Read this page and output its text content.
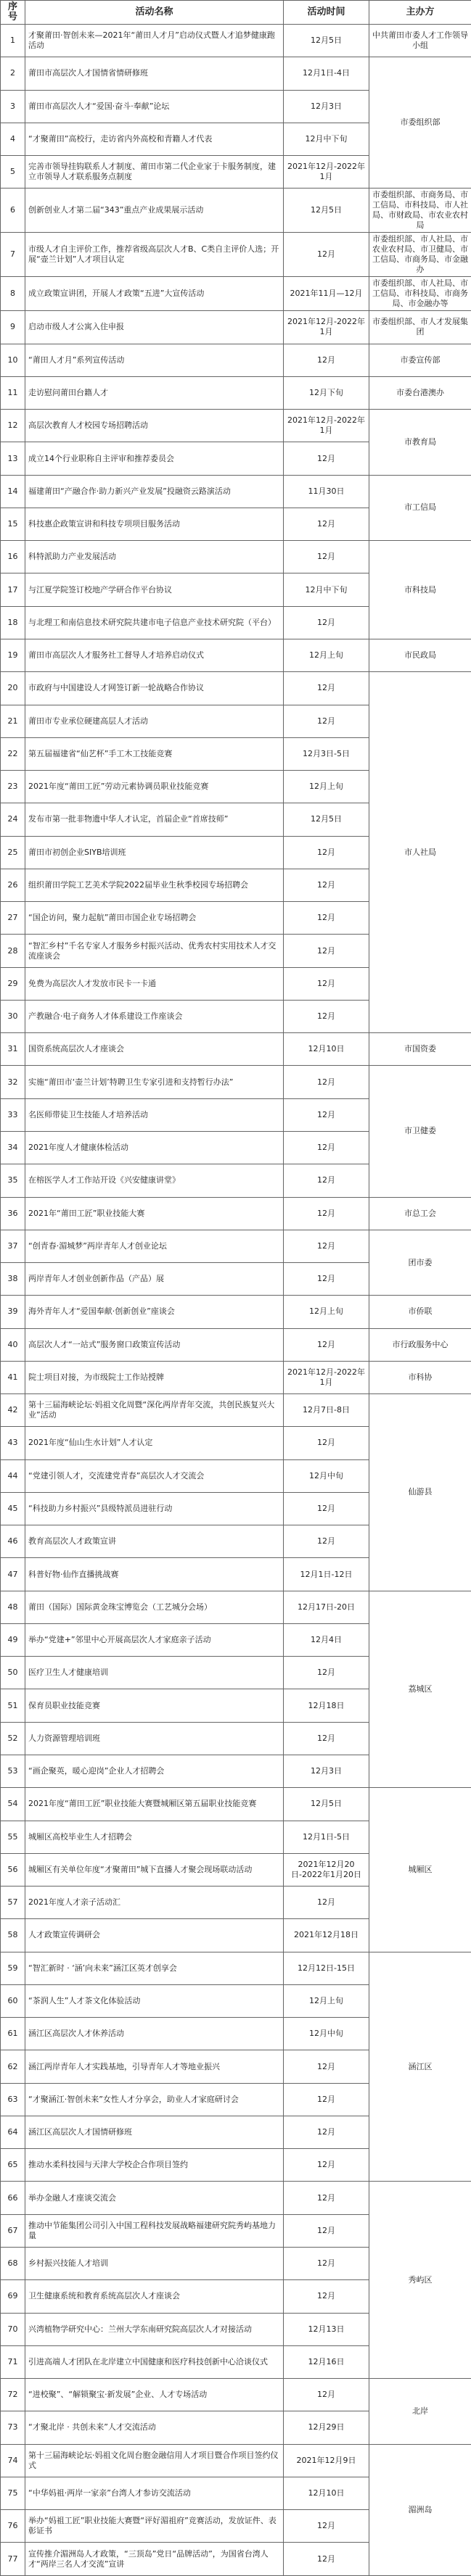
序号	活动名称	活动时间	主办方
1	才聚莆田·智创未来—2021年“莆田人才月”启动仪式暨人才追梦健康跑活动	12月5日	中共莆田市委人才工作领导小组
2	莆田市高层次人才国情省情研修班	12月1日-4日	市委组织部
3	莆田市高层次人才“爱国·奋斗·奉献”论坛	12月3日	
4	“才聚莆田”高校行，走访省内外高校和青籍人才代表	12月中下旬	
5	完善市领导挂钩联系人才制度、莆田市第二代企业家于卡服务制度，建立市领导人才联系服务点制度	2021年12月-2022年1月	
6	创新创业人才第二届“343”重点产业成果展示活动	12月5日	市委组织部、市商务局、市工信局、市科技局、市人社局、市财政局、市农业农村局
7	市级人才自主评价工作，推荐省级高层次人才B、C类自主评价人选；开展“壶兰计划”人才项目认定	12月	市委组织部、市人社局、市农业农村局、市卫健局、市工信局、市商务局、市金融办
8	成立政策宣讲团，开展人才政策“五进”大宣传活动	2021年11月—12月	市委组织部、市人社局、市工信局、市科技局、市商务局、市金融办等
9	启动市级人才公寓入住申报	2021年12月-2022年1月	市委组织部、市人才发展集团
10	“莆田人才月”系列宣传活动	12月	市委宣传部
11	走访慰问莆田台籍人才	12月下旬	市委台港澳办
12	高层次教育人才校园专场招聘活动	2021年12月-2022年1月	市教育局
13	成立14个行业职称自主评审和推荐委员会	12月	
14	福建莆田“产融合作·助力新兴产业发展”投融资云路演活动	11月30日	市工信局
15	科技惠企政策宣讲和科技专项项目服务活动	12月	
16	科特派助力产业发展活动	12月	市科技局
17	与江夏学院签订校地产学研合作平台协议	12月中下旬	
18	与北理工和南信息技术研究院共建市电子信息产业技术研究院（平台）	12月	
19	莆田市高层次人才服务社工督导人才培养启动仪式	12月上旬	市民政局
20	市政府与中国建设人才网签订新一轮战略合作协议	12月	市人社局
21	莆田市专业承位硬建高层人才活动	12月	
22	第五届福建省“仙艺杯”手工木工技能竞赛	12月3日-5日	
23	2021年度“莆田工匠”劳动元素协调员职业技能竞赛	12月上旬	
24	发布市第一批非物遗中华人才认定，首届企业“首席技师”	12月5日	
25	莆田市初创企业SIYB培训班	12月	
26	组织莆田学院工艺美术学院2022届毕业生秋季校园专场招聘会	12月	
27	“国企访问，聚力起航”莆田市国企业专场招聘会	12月	
28	“智汇乡村”千名专家人才服务乡村振兴活动、优秀农村实用技术人才交流座谈会	12月	
29	免费为高层次人才发放市民卡一卡通	12月	
30	产教融合·电子商务人才体系建设工作座谈会	12月	
31	国资系统高层次人才座谈会	12月10日	市国资委
32	实施“莆田市‘壶兰计划’特聘卫生专家引进和支持暂行办法”	12月	市卫健委
33	名医师带徒卫生技能人才培养活动	12月	
34	2021年度人才健康体检活动	12月	
35	在榕医学人才工作站开设《兴安健康讲堂》	12月	
36	2021年“莆田工匠”职业技能大赛	12月	市总工会
37	“创青春·湄城梦”两岸青年人才创业论坛	12月	团市委
38	两岸青年人才创业创新作品（产品）展	12月	
39	海外青年人才“爱国奉献·创新创业”座谈会	12月上旬	市侨联
40	高层次人才“一站式”服务窗口政策宣传活动	12月	市行政服务中心
41	院士项目对接，为市级院士工作站授牌	2021年12月-2022年1月	市科协
42	第十三届海峡论坛·妈祖文化周暨“深化两岸青年交流，共创民族复兴大业”活动	12月7日-8日	仙游县
43	2021年度“仙山生水计划”人才认定	12月	
44	“党建引领人才，交流建党青春”高层次人才交流会	12月中旬	
45	“科技助力乡村振兴”县级特派员进驻行动	12月	
46	教育高层次人才政策宣讲	12月	
47	科普好物·仙作直播挑战赛	12月1日-12日	
48	莆田（国际）国际黄金珠宝博览会（工艺城分会场）	12月17日-20日	荔城区
49	举办“党建+”邻里中心开展高层次人才家庭亲子活动	12月4日	
50	医疗卫生人才健康培训	12月	
51	保育员职业技能竞赛	12月18日	
52	人力资源管理培训班	12月	
53	“画企聚英，暖心迎岗”企业人才招聘会	12月3日	
54	2021年度“莆田工匠”职业技能大赛暨城厢区第五届职业技能竞赛	12月5日	城厢区
55	城厢区高校毕业生人才招聘会	12月1日-5日	
56	城厢区有关单位年度“才聚莆田”城下直播人才聚会现场联动活动	2021年12月20日-2022年1月20日	
57	2021年度人才亲子活动汇	12月	
58	人才政策宣传调研会	2021年12月18日	
59	“智汇新时 · ‘涵’向未来”涵江区英才创享会	12月12日-15日	涵江区
60	“茶润人生”人才茶文化体验活动	12月上旬	
61	涵江区高层次人才休养活动	12月中旬	
62	涵江两岸青年人才实践基地，引导青年人才等地业振兴	12月	
63	“才聚涵江·智创未来”女性人才分享会，助业人才家庭研讨会	12月	
64	涵江区高层次人才国情研修班	12月	
65	推动水柔科技园与天津大学校企合作项目签约	12月	
66	举办金融人才座谈交流会	12月	秀屿区
67	推动中节能集团公司引入中国工程科技发展战略福建研究院秀屿基地力量	12月	
68	乡村振兴技能人才培训	12月	
69	卫生健康系统和教育系统高层次人才座谈会	12月	
70	兴湾植物学研究中心：兰州大学东南研究院高层次人才对接活动	12月13日	
71	引进高端人才团队在北岸建立中国健康和医疗科技创新中心洽谈仪式	12月16日	
72	“进校聚”、“解锁聚宝·新发展”企业、人才专场活动	12月	北岸
73	“才聚北岸 · 共创未来”人才交流活动	12月29日	
74	第十三届海峡论坛·妈祖文化周台胞金融信用人才项目暨合作项目签约仪式	2021年12月9日	湄洲岛
75	“中华妈祖·两岸一家亲”台湾人才参访交流活动	12月10日	
76	举办“妈祖工匠”职业技能大赛暨“评好湄祖府”竞赛活动，发放证件、表彰证书	12月	
77	宣传推介湄洲岛人才政策，“三顶岛”党日“品牌活动”，为国省台湾人才“两岸三名人才交流”宣讲	12月	
